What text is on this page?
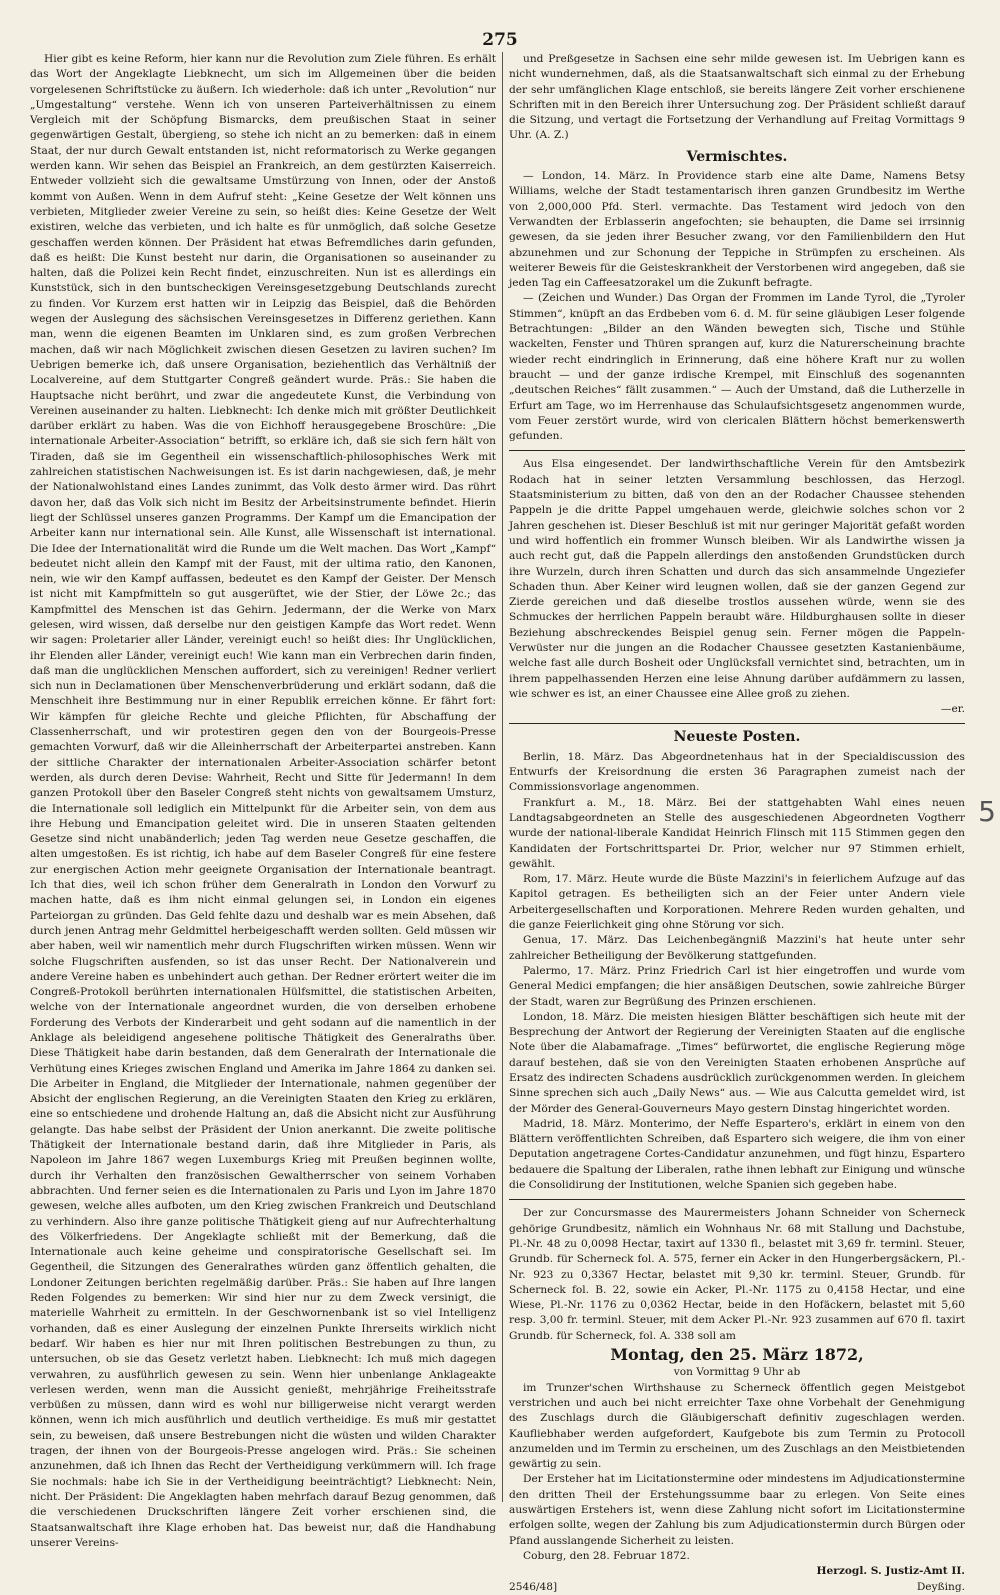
275

Hier gibt es keine Reform, hier kann nur die Revolution zum Ziele führen. Es erhält das Wort der Angeklagte Liebknecht, um sich im Allgemeinen über die beiden vorgelesenen Schriftstücke zu äußern. Ich wiederhole: daß ich unter „Revolution“ nur „Umgestaltung“ verstehe. Wenn ich von unseren Parteiverhältnissen zu einem Vergleich mit der Schöpfung Bismarcks, dem preußischen Staat in seiner gegenwärtigen Gestalt, übergieng, so stehe ich nicht an zu bemerken: daß in einem Staat, der nur durch Gewalt entstanden ist, nicht reformatorisch zu Werke gegangen werden kann. Wir sehen das Beispiel an Frankreich, an dem gestürzten Kaiserreich. Entweder vollzieht sich die gewaltsame Umstürzung von Innen, oder der Anstoß kommt von Außen. Wenn in dem Aufruf steht: „Keine Gesetze der Welt können uns verbieten, Mitglieder zweier Vereine zu sein, so heißt dies: Keine Gesetze der Welt existiren, welche das verbieten, und ich halte es für unmöglich, daß solche Gesetze geschaffen werden können. Der Präsident hat etwas Befremdliches darin gefunden, daß es heißt: Die Kunst besteht nur darin, die Organisationen so auseinander zu halten, daß die Polizei kein Recht findet, einzuschreiten. Nun ist es allerdings ein Kunststück, sich in den buntscheckigen Vereinsgesetzgebung Deutschlands zurecht zu finden. Vor Kurzem erst hatten wir in Leipzig das Beispiel, daß die Behörden wegen der Auslegung des sächsischen Vereinsgesetzes in Differenz geriethen. Kann man, wenn die eigenen Beamten im Unklaren sind, es zum großen Verbrechen machen, daß wir nach Möglichkeit zwischen diesen Gesetzen zu laviren suchen? Im Uebrigen bemerke ich, daß unsere Organisation, beziehentlich das Verhältniß der Localvereine, auf dem Stuttgarter Congreß geändert wurde. Präs.: Sie haben die Hauptsache nicht berührt, und zwar die angedeutete Kunst, die Verbindung von Vereinen auseinander zu halten. Liebknecht: Ich denke mich mit größter Deutlichkeit darüber erklärt zu haben. Was die von Eichhoff herausgegebene Broschüre: „Die internationale Arbeiter-Association“ betrifft, so erkläre ich, daß sie sich fern hält von Tiraden, daß sie im Gegentheil ein wissenschaftlich-philosophisches Werk mit zahlreichen statistischen Nachweisungen ist. Es ist darin nachgewiesen, daß, je mehr der Nationalwohlstand eines Landes zunimmt, das Volk desto ärmer wird. Das rührt davon her, daß das Volk sich nicht im Besitz der Arbeitsinstrumente befindet. Hierin liegt der Schlüssel unseres ganzen Programms. Der Kampf um die Emancipation der Arbeiter kann nur international sein. Alle Kunst, alle Wissenschaft ist international. Die Idee der Internationalität wird die Runde um die Welt machen. Das Wort „Kampf“ bedeutet nicht allein den Kampf mit der Faust, mit der ultima ratio, den Kanonen, nein, wie wir den Kampf auffassen, bedeutet es den Kampf der Geister. Der Mensch ist nicht mit Kampfmitteln so gut ausgerüftet, wie der Stier, der Löwe 2c.; das Kampfmittel des Menschen ist das Gehirn. Jedermann, der die Werke von Marx gelesen, wird wissen, daß derselbe nur den geistigen Kampfe das Wort redet. Wenn wir sagen: Proletarier aller Länder, vereinigt euch! so heißt dies: Ihr Unglücklichen, ihr Elenden aller Länder, vereinigt euch! Wie kann man ein Verbrechen darin finden, daß man die unglücklichen Menschen auffordert, sich zu vereinigen! Redner verliert sich nun in Declamationen über Menschenverbrüderung und erklärt sodann, daß die Menschheit ihre Bestimmung nur in einer Republik erreichen könne. Er fährt fort: Wir kämpfen für gleiche Rechte und gleiche Pflichten, für Abschaffung der Classenherrschaft, und wir protestiren gegen den von der Bourgeois-Presse gemachten Vorwurf, daß wir die Alleinherrschaft der Arbeiterpartei anstreben. Kann der sittliche Charakter der internationalen Arbeiter-Association schärfer betont werden, als durch deren Devise: Wahrheit, Recht und Sitte für Jedermann! In dem ganzen Protokoll über den Baseler Congreß steht nichts von gewaltsamem Umsturz, die Internationale soll lediglich ein Mittelpunkt für die Arbeiter sein, von dem aus ihre Hebung und Emancipation geleitet wird. Die in unseren Staaten geltenden Gesetze sind nicht unabänderlich; jeden Tag werden neue Gesetze geschaffen, die alten umgestoßen. Es ist richtig, ich habe auf dem Baseler Congreß für eine festere zur energischen Action mehr geeignete Organisation der Internationale beantragt. Ich that dies, weil ich schon früher dem Generalrath in London den Vorwurf zu machen hatte, daß es ihm nicht einmal gelungen sei, in London ein eigenes Parteiorgan zu gründen. Das Geld fehlte dazu und deshalb war es mein Absehen, daß durch jenen Antrag mehr Geldmittel herbeigeschafft werden sollten. Geld müssen wir aber haben, weil wir namentlich mehr durch Flugschriften wirken müssen. Wenn wir solche Flugschriften ausfenden, so ist das unser Recht. Der Nationalverein und andere Vereine haben es unbehindert auch gethan. Der Redner erörtert weiter die im Congreß-Protokoll berührten internationalen Hülfsmittel, die statistischen Arbeiten, welche von der Internationale angeordnet wurden, die von derselben erhobene Forderung des Verbots der Kinderarbeit und geht sodann auf die namentlich in der Anklage als beleidigend angesehene politische Thätigkeit des Generalraths über. Diese Thätigkeit habe darin bestanden, daß dem Generalrath der Internationale die Verhütung eines Krieges zwischen England und Amerika im Jahre 1864 zu danken sei. Die Arbeiter in England, die Mitglieder der Internationale, nahmen gegenüber der Absicht der englischen Regierung, an die Vereinigten Staaten den Krieg zu erklären, eine so entschiedene und drohende Haltung an, daß die Absicht nicht zur Ausführung gelangte. Das habe selbst der Präsident der Union anerkannt. Die zweite politische Thätigkeit der Internationale bestand darin, daß ihre Mitglieder in Paris, als Napoleon im Jahre 1867 wegen Luxemburgs Krieg mit Preußen beginnen wollte, durch ihr Verhalten den französischen Gewaltherrscher von seinem Vorhaben abbrachten. Und ferner seien es die Internationalen zu Paris und Lyon im Jahre 1870 gewesen, welche alles aufboten, um den Krieg zwischen Frankreich und Deutschland zu verhindern. Also ihre ganze politische Thätigkeit gieng auf nur Aufrechterhaltung des Völkerfriedens. Der Angeklagte schließt mit der Bemerkung, daß die Internationale auch keine geheime und conspiratorische Gesellschaft sei. Im Gegentheil, die Sitzungen des Generalrathes würden ganz öffentlich gehalten, die Londoner Zeitungen berichten regelmäßig darüber. Präs.: Sie haben auf Ihre langen Reden Folgendes zu bemerken: Wir sind hier nur zu dem Zweck versinigt, die materielle Wahrheit zu ermitteln. In der Geschwornenbank ist so viel Intelligenz vorhanden, daß es einer Auslegung der einzelnen Punkte Ihrerseits wirklich nicht bedarf. Wir haben es hier nur mit Ihren politischen Bestrebungen zu thun, zu untersuchen, ob sie das Gesetz verletzt haben. Liebknecht: Ich muß mich dagegen verwahren, zu ausführlich gewesen zu sein. Wenn hier unbenlange Anklageakte verlesen werden, wenn man die Aussicht genießt, mehrjährige Freiheitsstrafe verbüßen zu müssen, dann wird es wohl nur billigerweise nicht verargt werden können, wenn ich mich ausführlich und deutlich vertheidige. Es muß mir gestattet sein, zu beweisen, daß unsere Bestrebungen nicht die wüsten und wilden Charakter tragen, der ihnen von der Bourgeois-Presse angelogen wird. Präs.: Sie scheinen anzunehmen, daß ich Ihnen das Recht der Vertheidigung verkümmern will. Ich frage Sie nochmals: habe ich Sie in der Vertheidigung beeinträchtigt? Liebknecht: Nein, nicht. Der Präsident: Die Angeklagten haben mehrfach darauf Bezug genommen, daß die verschiedenen Druckschriften längere Zeit vorher erschienen sind, die Staatsanwaltschaft ihre Klage erhoben hat. Das beweist nur, daß die Handhabung unserer Vereins-

und Preßgesetze in Sachsen eine sehr milde gewesen ist. Im Uebrigen kann es nicht wundernehmen, daß, als die Staatsanwaltschaft sich einmal zu der Erhebung der sehr umfänglichen Klage entschloß, sie bereits längere Zeit vorher erschienene Schriften mit in den Bereich ihrer Untersuchung zog. Der Präsident schließt darauf die Sitzung, und vertagt die Fortsetzung der Verhandlung auf Freitag Vormittags 9 Uhr. (A. Z.)

Vermischtes.

— London, 14. März. In Providence starb eine alte Dame, Namens Betsy Williams, welche der Stadt testamentarisch ihren ganzen Grundbesitz im Werthe von 2,000,000 Pfd. Sterl. vermachte. Das Testament wird jedoch von den Verwandten der Erblasserin angefochten; sie behaupten, die Dame sei irrsinnig gewesen, da sie jeden ihrer Besucher zwang, vor den Familienbildern den Hut abzunehmen und zur Schonung der Teppiche in Strümpfen zu erscheinen. Als weiterer Beweis für die Geisteskrankheit der Verstorbenen wird angegeben, daß sie jeden Tag ein Caffeesatzorakel um die Zukunft befragte.

— (Zeichen und Wunder.) Das Organ der Frommen im Lande Tyrol, die „Tyroler Stimmen“, knüpft an das Erdbeben vom 6. d. M. für seine gläubigen Leser folgende Betrachtungen: „Bilder an den Wänden bewegten sich, Tische und Stühle wackelten, Fenster und Thüren sprangen auf, kurz die Naturerscheinung brachte wieder recht eindringlich in Erinnerung, daß eine höhere Kraft nur zu wollen braucht — und der ganze irdische Krempel, mit Einschluß des sogenannten „deutschen Reiches“ fällt zusammen.“ — Auch der Umstand, daß die Lutherzelle in Erfurt am Tage, wo im Herrenhause das Schulaufsichtsgesetz angenommen wurde, vom Feuer zerstört wurde, wird von clericalen Blättern höchst bemerkenswerth gefunden.

Aus Elsa eingesendet. Der landwirthschaftliche Verein für den Amtsbezirk Rodach hat in seiner letzten Versammlung beschlossen, das Herzogl. Staatsministerium zu bitten, daß von den an der Rodacher Chaussee stehenden Pappeln je die dritte Pappel umgehauen werde, gleichwie solches schon vor 2 Jahren geschehen ist. Dieser Beschluß ist mit nur geringer Majorität gefaßt worden und wird hoffentlich ein frommer Wunsch bleiben. Wir als Landwirthe wissen ja auch recht gut, daß die Pappeln allerdings den anstoßenden Grundstücken durch ihre Wurzeln, durch ihren Schatten und durch das sich ansammelnde Ungeziefer Schaden thun. Aber Keiner wird leugnen wollen, daß sie der ganzen Gegend zur Zierde gereichen und daß dieselbe trostlos aussehen würde, wenn sie des Schmuckes der herrlichen Pappeln beraubt wäre. Hildburghausen sollte in dieser Beziehung abschreckendes Beispiel genug sein. Ferner mögen die Pappeln-Verwüster nur die jungen an die Rodacher Chaussee gesetzten Kastanienbäume, welche fast alle durch Bosheit oder Unglücksfall vernichtet sind, betrachten, um in ihrem pappelhassenden Herzen eine leise Ahnung darüber aufdämmern zu lassen, wie schwer es ist, an einer Chaussee eine Allee groß zu ziehen.

—er.

Neueste Posten.

Berlin, 18. März. Das Abgeordnetenhaus hat in der Specialdiscussion des Entwurfs der Kreisordnung die ersten 36 Paragraphen zumeist nach der Commissionsvorlage angenommen.

Frankfurt a. M., 18. März. Bei der stattgehabten Wahl eines neuen Landtagsabgeordneten an Stelle des ausgeschiedenen Abgeordneten Vogtherr wurde der national-liberale Kandidat Heinrich Flinsch mit 115 Stimmen gegen den Kandidaten der Fortschrittspartei Dr. Prior, welcher nur 97 Stimmen erhielt, gewählt.

Rom, 17. März. Heute wurde die Büste Mazzini's in feierlichem Aufzuge auf das Kapitol getragen. Es betheiligten sich an der Feier unter Andern viele Arbeitergesellschaften und Korporationen. Mehrere Reden wurden gehalten, und die ganze Feierlichkeit ging ohne Störung vor sich.

Genua, 17. März. Das Leichenbegängniß Mazzini's hat heute unter sehr zahlreicher Betheiligung der Bevölkerung stattgefunden.

Palermo, 17. März. Prinz Friedrich Carl ist hier eingetroffen und wurde vom General Medici empfangen; die hier ansäßigen Deutschen, sowie zahlreiche Bürger der Stadt, waren zur Begrüßung des Prinzen erschienen.

London, 18. März. Die meisten hiesigen Blätter beschäftigen sich heute mit der Besprechung der Antwort der Regierung der Vereinigten Staaten auf die englische Note über die Alabamafrage. „Times“ befürwortet, die englische Regierung möge darauf bestehen, daß sie von den Vereinigten Staaten erhobenen Ansprüche auf Ersatz des indirecten Schadens ausdrücklich zurückgenommen werden. In gleichem Sinne sprechen sich auch „Daily News“ aus. — Wie aus Calcutta gemeldet wird, ist der Mörder des General-Gouverneurs Mayo gestern Dinstag hingerichtet worden.

Madrid, 18. März. Monterimo, der Neffe Espartero's, erklärt in einem von den Blättern veröffentlichten Schreiben, daß Espartero sich weigere, die ihm von einer Deputation angetragene Cortes-Candidatur anzunehmen, und fügt hinzu, Espartero bedauere die Spaltung der Liberalen, rathe ihnen lebhaft zur Einigung und wünsche die Consolidirung der Institutionen, welche Spanien sich gegeben habe.

Der zur Concursmasse des Maurermeisters Johann Schneider von Scherneck gehörige Grundbesitz, nämlich ein Wohnhaus Nr. 68 mit Stallung und Dachstube, Pl.-Nr. 48 zu 0,0098 Hectar, taxirt auf 1330 fl., belastet mit 3,69 fr. terminl. Steuer, Grundb. für Scherneck fol. A. 575, ferner ein Acker in den Hungerbergsäckern, Pl.-Nr. 923 zu 0,3367 Hectar, belastet mit 9,30 kr. terminl. Steuer, Grundb. für Scherneck fol. B. 22, sowie ein Acker, Pl.-Nr. 1175 zu 0,4158 Hectar, und eine Wiese, Pl.-Nr. 1176 zu 0,0362 Hectar, beide in den Hofäckern, belastet mit 5,60 resp. 3,00 fr. terminl. Steuer, mit dem Acker Pl.-Nr. 923 zusammen auf 670 fl. taxirt Grundb. für Scherneck, fol. A. 338 soll am

Montag, den 25. März 1872,

von Vormittag 9 Uhr ab

im Trunzer'schen Wirthshause zu Scherneck öffentlich gegen Meistgebot verstrichen und auch bei nicht erreichter Taxe ohne Vorbehalt der Genehmigung des Zuschlags durch die Gläubigerschaft definitiv zugeschlagen werden. Kaufliebhaber werden aufgefordert, Kaufgebote bis zum Termin zu Protocoll anzumelden und im Termin zu erscheinen, um des Zuschlags an den Meistbietenden gewärtig zu sein.

Der Ersteher hat im Licitationstermine oder mindestens im Adjudicationstermine den dritten Theil der Erstehungssumme baar zu erlegen. Von Seite eines auswärtigen Erstehers ist, wenn diese Zahlung nicht sofort im Licitationstermine erfolgen sollte, wegen der Zahlung bis zum Adjudicationstermin durch Bürgen oder Pfand ausslangende Sicherheit zu leisten.

Coburg, den 28. Februar 1872.

Herzogl. S. Justiz-Amt II.
2546/48]	Deyßing.
5
